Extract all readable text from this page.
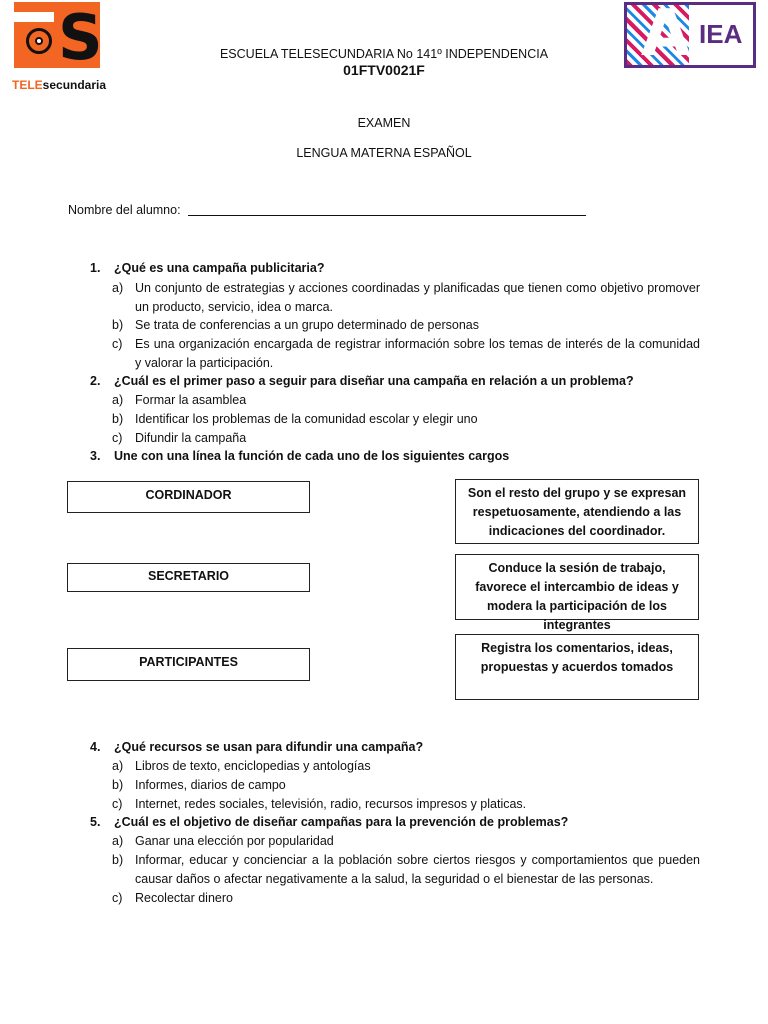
S
TELEsecundaria
A IEA
ESCUELA TELESECUNDARIA No 141º INDEPENDENCIA
01FTV0021F
EXAMEN
LENGUA MATERNA ESPAÑOL
Nombre del alumno:
1. ¿Qué es una campaña publicitaria?
a) Un conjunto de estrategias y acciones coordinadas y planificadas que tienen como objetivo promover un producto, servicio, idea o marca.
b) Se trata de conferencias a un grupo determinado de personas
c) Es una organización encargada de registrar información sobre los temas de interés de la comunidad y valorar la participación.
2. ¿Cuál es el primer paso a seguir para diseñar una campaña en relación a un problema?
a) Formar la asamblea
b) Identificar los problemas de la comunidad escolar y elegir uno
c) Difundir la campaña
3. Une con una línea la función de cada uno de los siguientes cargos
CORDINADOR
SECRETARIO
PARTICIPANTES
Son el resto del grupo y se expresan respetuosamente, atendiendo a las indicaciones del coordinador.
Conduce la sesión de trabajo, favorece el intercambio de ideas y modera la participación de los integrantes
Registra los comentarios, ideas, propuestas y acuerdos tomados
4. ¿Qué recursos se usan para difundir una campaña?
a) Libros de texto, enciclopedias y antologías
b) Informes, diarios de campo
c) Internet, redes sociales, televisión, radio, recursos impresos y platicas.
5. ¿Cuál es el objetivo de diseñar campañas para la prevención de problemas?
a) Ganar una elección por popularidad
b) Informar, educar y concienciar a la población sobre ciertos riesgos y comportamientos que pueden causar daños o afectar negativamente a la salud, la seguridad o el bienestar de las personas.
c) Recolectar dinero
